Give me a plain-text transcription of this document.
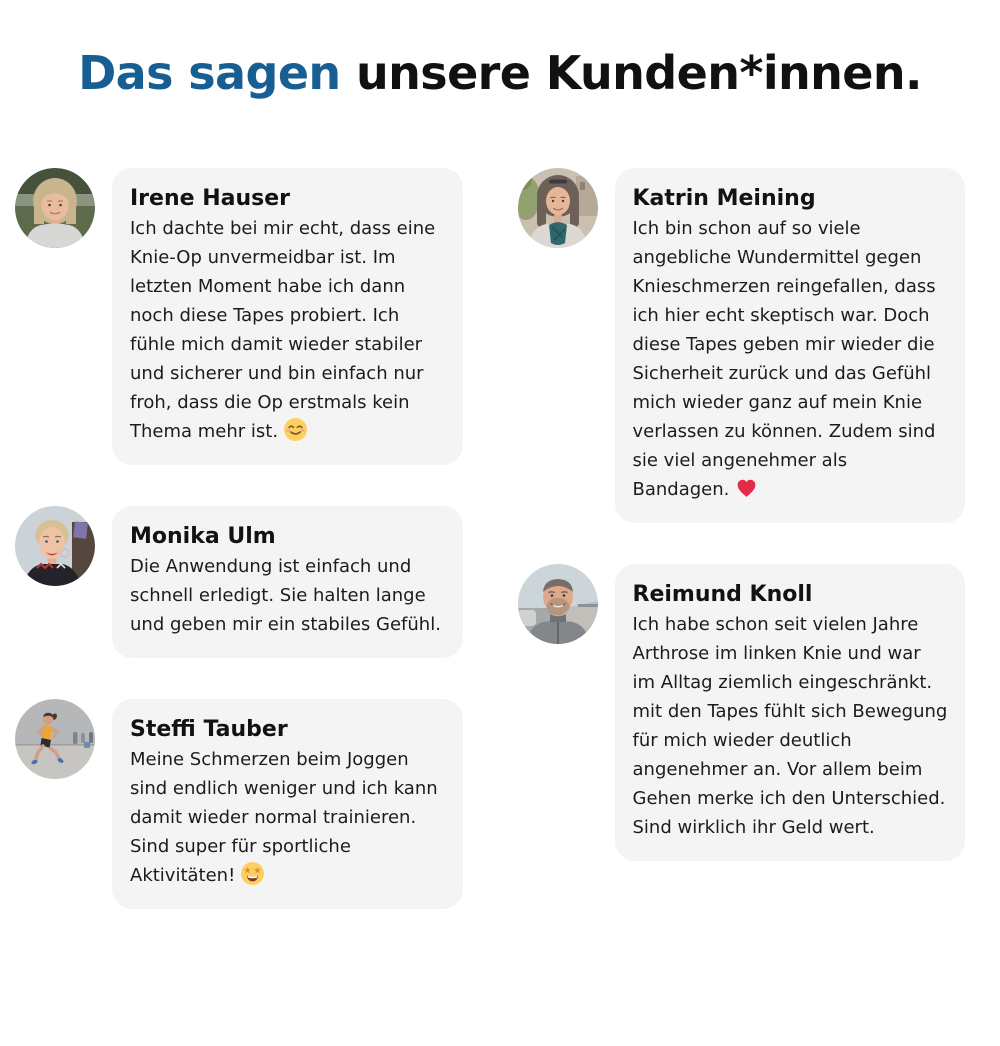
Das sagen unsere Kunden*innen.
Irene Hauser
Ich dachte bei mir echt, dass eine Knie-Op unvermeidbar ist. Im letzten Moment habe ich dann noch diese Tapes probiert. Ich fühle mich damit wieder stabiler und sicherer und bin einfach nur froh, dass die Op erstmals kein Thema mehr ist.
Monika Ulm
Die Anwendung ist einfach und schnell erledigt. Sie halten lange und geben mir ein stabiles Gefühl.
Steffi Tauber
Meine Schmerzen beim Joggen sind endlich weniger und ich kann damit wieder normal trainieren. Sind super für sportliche Aktivitäten!
Katrin Meining
Ich bin schon auf so viele angebliche Wundermittel gegen Knieschmerzen reingefallen, dass ich hier echt skeptisch war. Doch diese Tapes geben mir wieder die Sicherheit zurück und das Gefühl mich wieder ganz auf mein Knie verlassen zu können. Zudem sind sie viel angenehmer als Bandagen.
Reimund Knoll
Ich habe schon seit vielen Jahre Arthrose im linken Knie und war im Alltag ziemlich eingeschränkt. mit den Tapes fühlt sich Bewegung für mich wieder deutlich angenehmer an. Vor allem beim Gehen merke ich den Unterschied. Sind wirklich ihr Geld wert.
